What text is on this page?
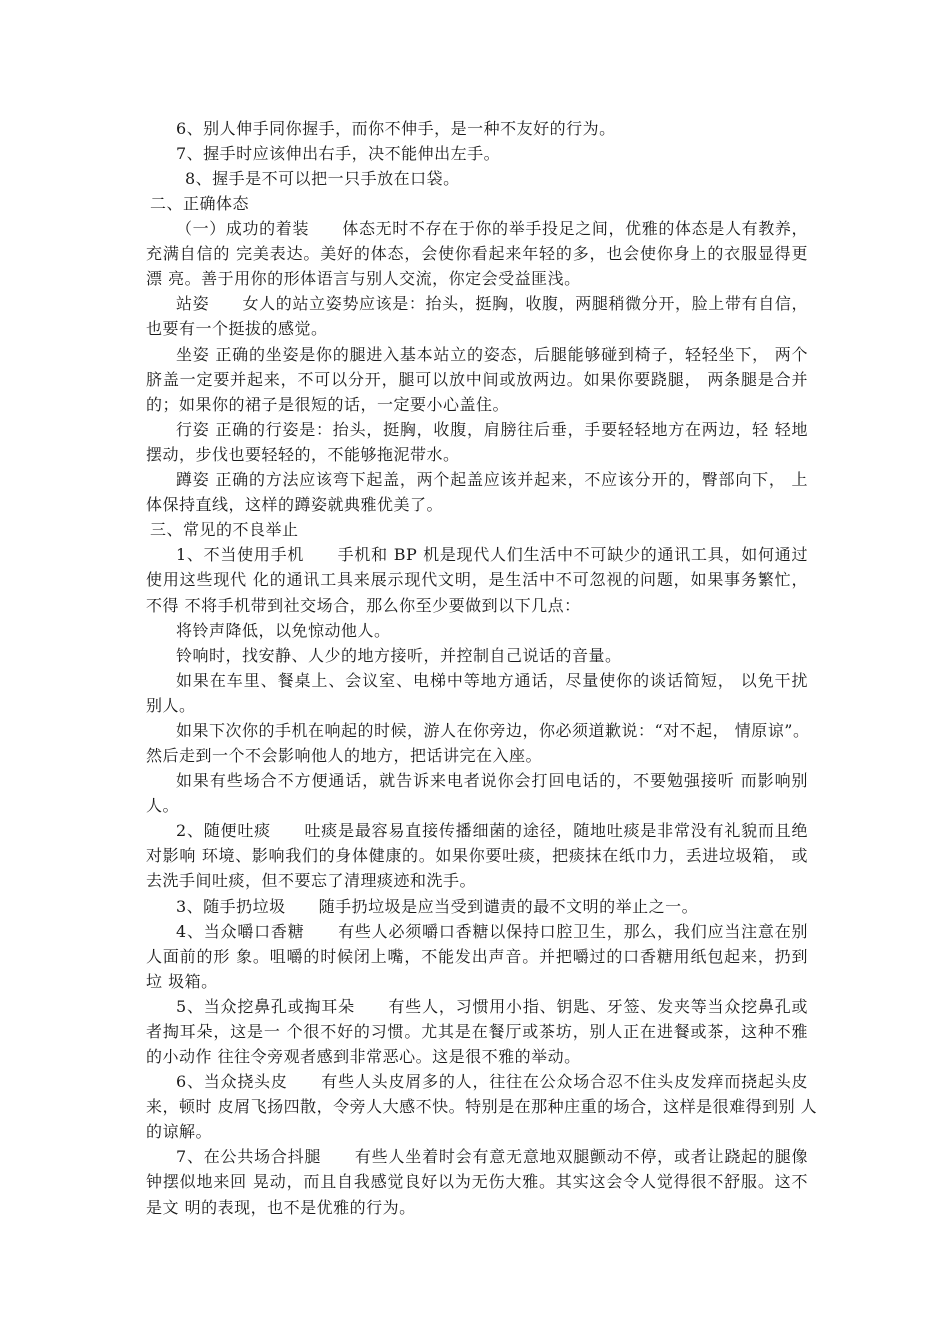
6、别人伸手同你握手，而你不伸手，是一种不友好的行为。
7、握手时应该伸出右手，决不能伸出左手。
8、握手是不可以把一只手放在口袋。
二、正确体态
（一）成功的着装　　体态无时不存在于你的举手投足之间，优雅的体态是人有教养，
充满自信的 完美表达。美好的体态，会使你看起来年轻的多，也会使你身上的衣服显得更
漂 亮。善于用你的形体语言与别人交流，你定会受益匪浅。
站姿　　女人的站立姿势应该是：抬头，挺胸，收腹，两腿稍微分开，脸上带有自信，
也要有一个挺拔的感觉。
坐姿 正确的坐姿是你的腿进入基本站立的姿态，后腿能够碰到椅子，轻轻坐下， 两个
脐盖一定要并起来，不可以分开，腿可以放中间或放两边。如果你要跷腿， 两条腿是合并
的；如果你的裙子是很短的话，一定要小心盖住。
行姿 正确的行姿是：抬头，挺胸，收腹，肩膀往后垂，手要轻轻地方在两边，轻 轻地
摆动，步伐也要轻轻的，不能够拖泥带水。
蹲姿 正确的方法应该弯下起盖，两个起盖应该并起来，不应该分开的，臀部向下， 上
体保持直线，这样的蹲姿就典雅优美了。
三、常见的不良举止
1、不当使用手机　　手机和 BP 机是现代人们生活中不可缺少的通讯工具，如何通过
使用这些现代 化的通讯工具来展示现代文明，是生活中不可忽视的问题，如果事务繁忙，
不得 不将手机带到社交场合，那么你至少要做到以下几点：
将铃声降低，以免惊动他人。
铃响时，找安静、人少的地方接听，并控制自己说话的音量。
如果在车里、餐桌上、会议室、电梯中等地方通话，尽量使你的谈话简短， 以免干扰
别人。
如果下次你的手机在响起的时候，游人在你旁边，你必须道歉说：“对不起， 情原谅”。
然后走到一个不会影响他人的地方，把话讲完在入座。
如果有些场合不方便通话，就告诉来电者说你会打回电话的，不要勉强接听 而影响别
人。
2、随便吐痰　　吐痰是最容易直接传播细菌的途径，随地吐痰是非常没有礼貌而且绝
对影响 环境、影响我们的身体健康的。如果你要吐痰，把痰抹在纸巾力，丢进垃圾箱， 或
去洗手间吐痰，但不要忘了清理痰迹和洗手。
3、随手扔垃圾　　随手扔垃圾是应当受到谴责的最不文明的举止之一。
4、当众嚼口香糖　　有些人必须嚼口香糖以保持口腔卫生，那么，我们应当注意在别
人面前的形 象。咀嚼的时候闭上嘴，不能发出声音。并把嚼过的口香糖用纸包起来，扔到
垃 圾箱。
5、当众挖鼻孔或掏耳朵　　有些人，习惯用小指、钥匙、牙签、发夹等当众挖鼻孔或
者掏耳朵，这是一 个很不好的习惯。尤其是在餐厅或茶坊，别人正在进餐或茶，这种不雅
的小动作 往往令旁观者感到非常恶心。这是很不雅的举动。
6、当众挠头皮　　有些人头皮屑多的人，往往在公众场合忍不住头皮发痒而挠起头皮
来，顿时 皮屑飞扬四散，令旁人大感不快。特别是在那种庄重的场合，这样是很难得到别 人
的谅解。
7、在公共场合抖腿　　有些人坐着时会有意无意地双腿颤动不停，或者让跷起的腿像
钟摆似地来回 晃动，而且自我感觉良好以为无伤大雅。其实这会令人觉得很不舒服。这不
是文 明的表现，也不是优雅的行为。
